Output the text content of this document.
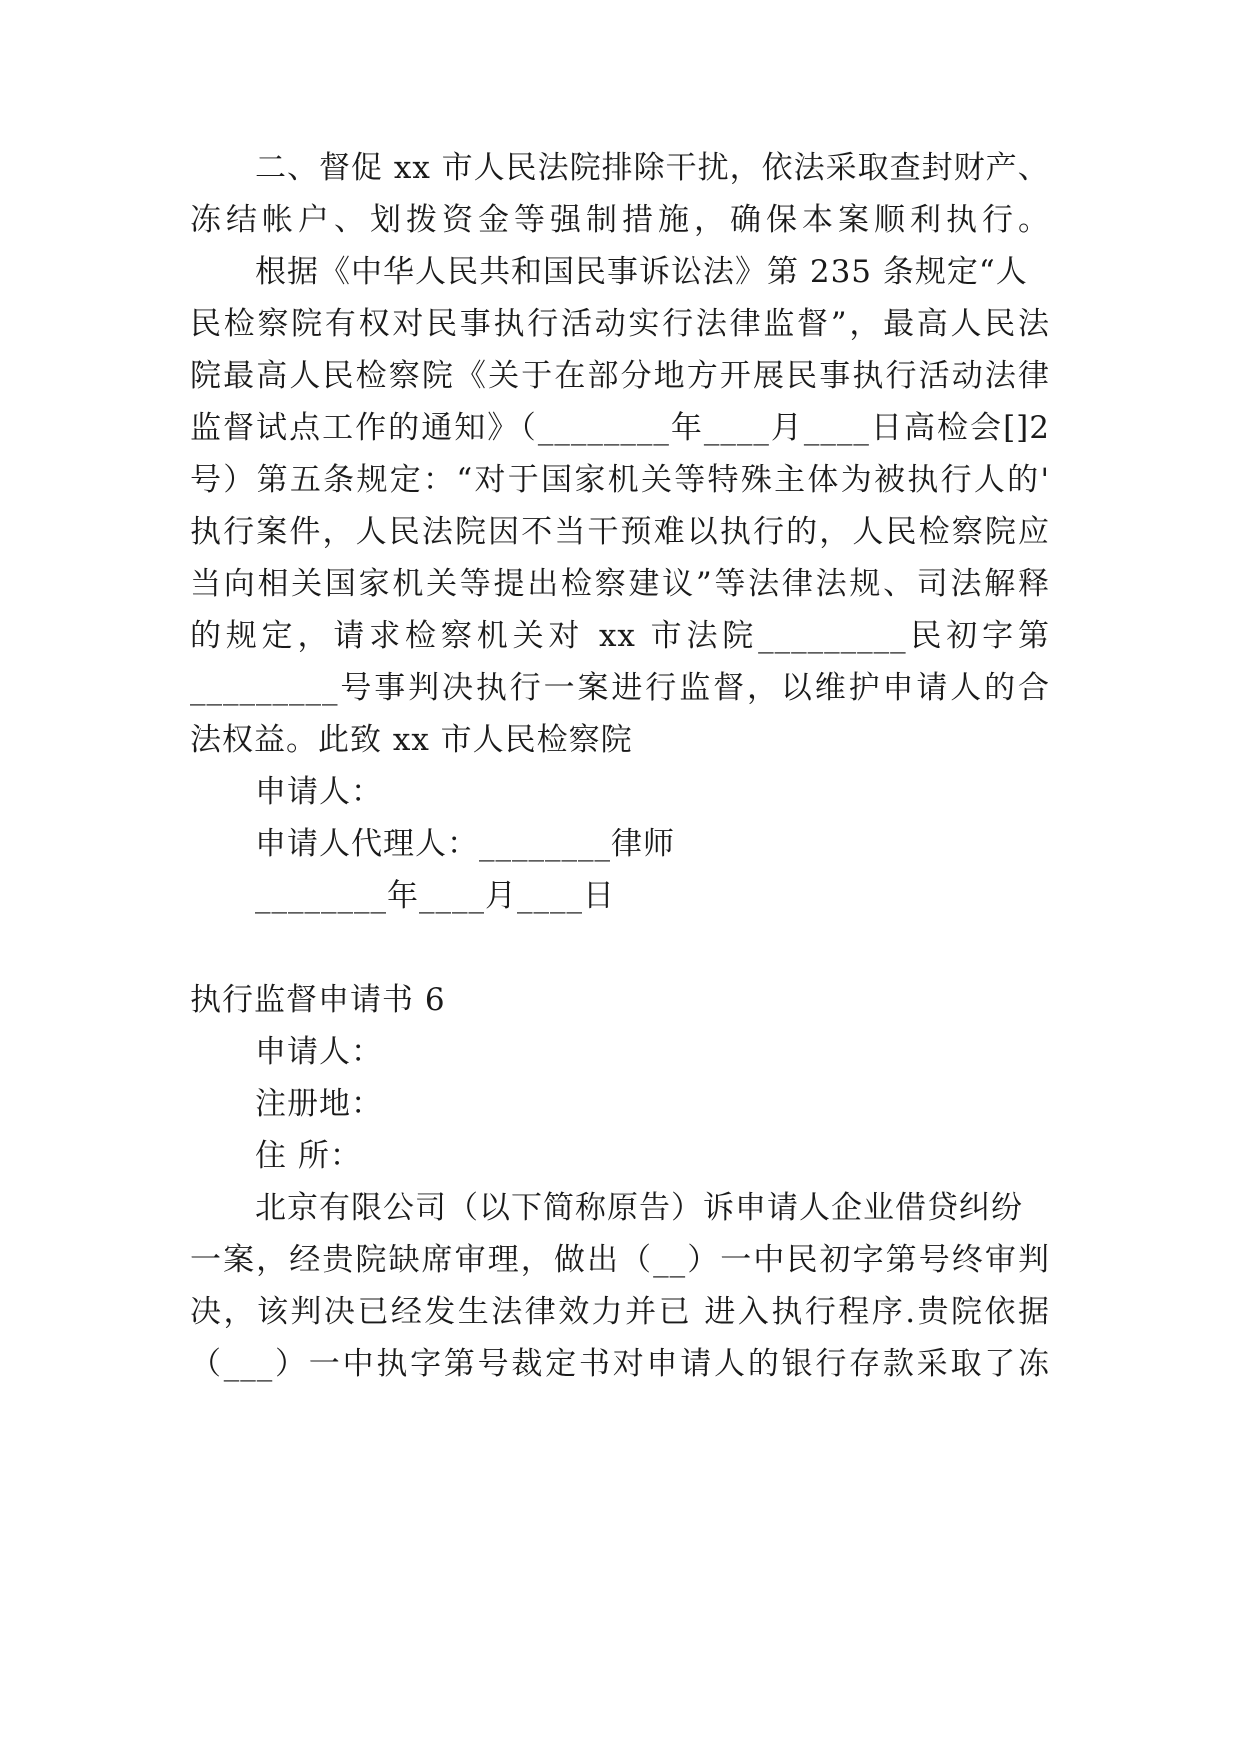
二、督促 xx 市人民法院排除干扰，依法采取查封财产、
冻结帐户、划拨资金等强制措施，确保本案顺利执行。
根据《中华人民共和国民事诉讼法》第 235 条规定“人
民检察院有权对民事执行活动实行法律监督”，最高人民法
院最高人民检察院《关于在部分地方开展民事执行活动法律
监督试点工作的通知》（________年____月____日高检会[]2
号）第五条规定：“对于国家机关等特殊主体为被执行人的'
执行案件，人民法院因不当干预难以执行的，人民检察院应
当向相关国家机关等提出检察建议”等法律法规、司法解释
的规定，请求检察机关对 xx 市法院_________民初字第
_________号事判决执行一案进行监督，以维护申请人的合
法权益。此致 xx 市人民检察院
申请人：
申请人代理人：________律师
________年____月____日
执行监督申请书 6
申请人：
注册地：
住 所：
北京有限公司（以下简称原告）诉申请人企业借贷纠纷
一案，经贵院缺席审理，做出（__）一中民初字第号终审判
决，该判决已经发生法律效力并已 进入执行程序.贵院依据
（___）一中执字第号裁定书对申请人的银行存款采取了冻
